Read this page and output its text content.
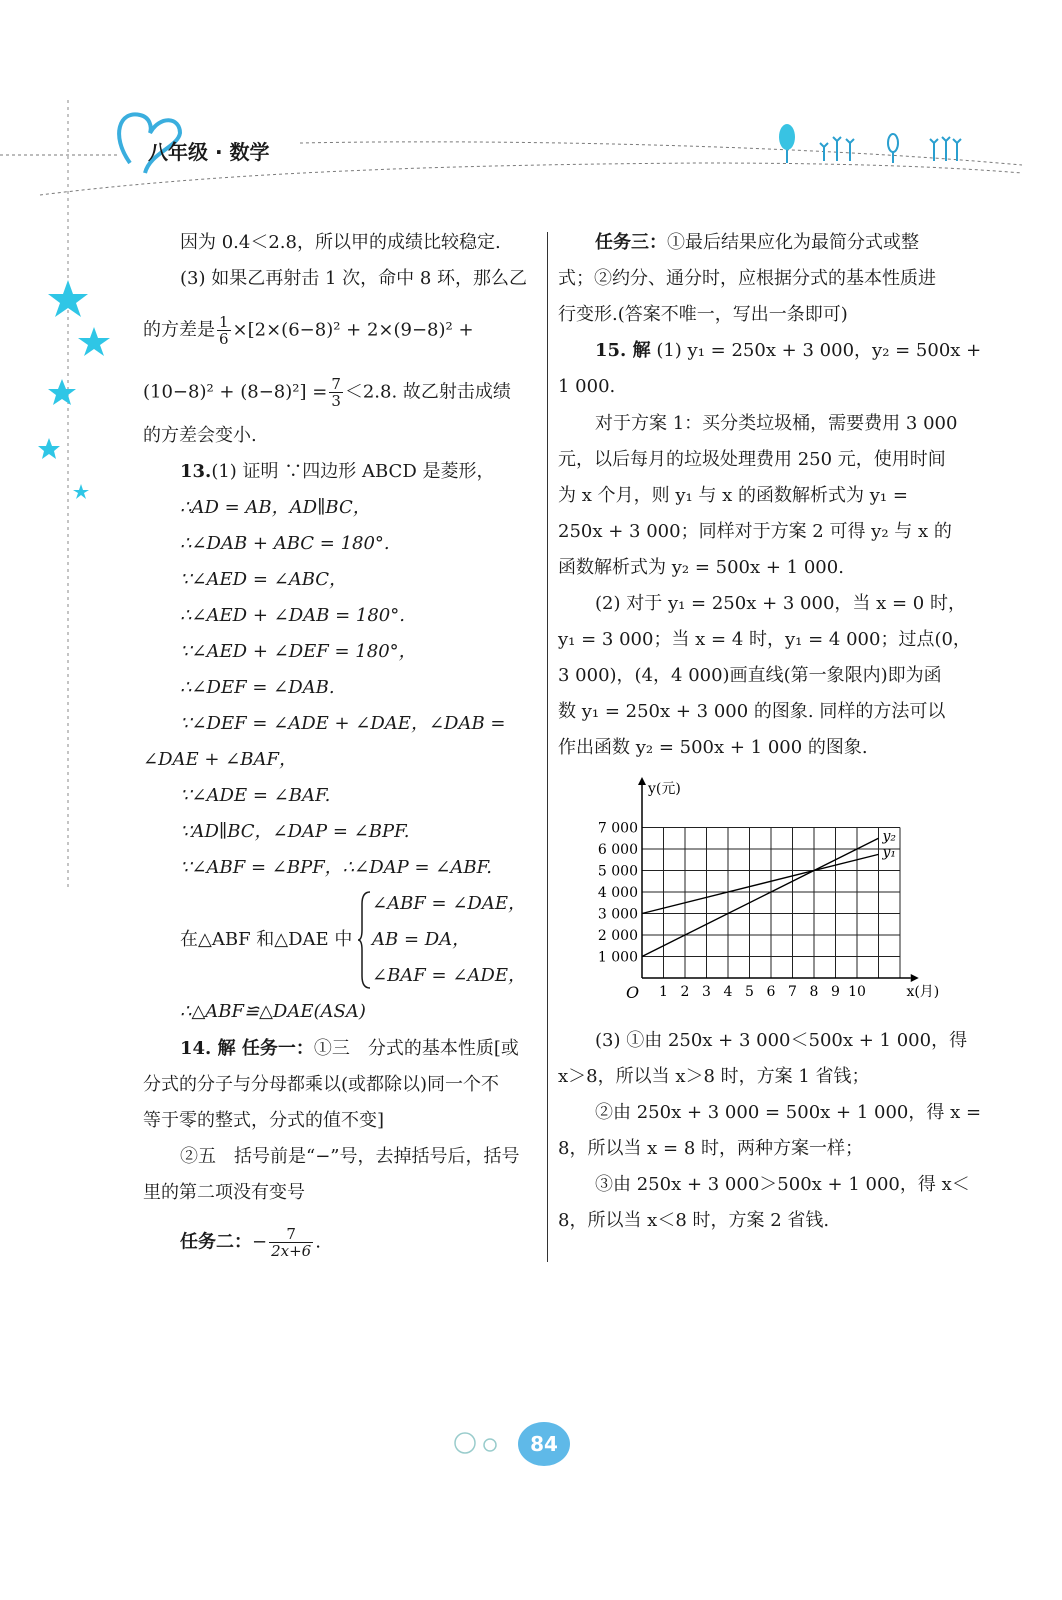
八年级 · 数学
因为 0.4＜2.8，所以甲的成绩比较稳定.
(3) 如果乙再射击 1 次，命中 8 环，那么乙
的方差是 $\frac{1}{6} \times[2\times(6-8)^2 + 2\times(9-8)^2$ +
$(10-8)^2 + (8-8)^2] = \frac{7}{3} <2.8$. 故乙射击成绩
的方差会变小.
13.(1) 证明 ∵四边形 ABCD 是菱形，
∴AD = AB，AD∥BC，
∴∠DAB + ABC = 180°.
∵∠AED = ∠ABC，
∴∠AED + ∠DAB = 180°.
∵∠AED + ∠DEF = 180°，
∴∠DEF = ∠DAB.
∵∠DEF = ∠ADE + ∠DAE，∠DAB =
∠DAE + ∠BAF，
∵∠ADE = ∠BAF.
∵AD∥BC，∠DAP = ∠BPF.
∵∠ABF = ∠BPF，∴∠DAP = ∠ABF.
在△ABF 和△DAE 中
∠ABF = ∠DAE，
AB = DA，
∠BAF = ∠ADE，
∴△ABF≌△DAE(ASA)
14. 解 任务一：①三　分式的基本性质[或
分式的分子与分母都乘以(或都除以)同一个不
等于零的整式，分式的值不变]
②五　括号前是“−”号，去掉括号后，括号
里的第二项没有变号
任务二：− $\frac{7}{2x+6}$ .
任务三：①最后结果应化为最简分式或整
式；②约分、通分时，应根据分式的基本性质进
行变形.(答案不唯一，写出一条即可)
15. 解 (1) y₁ = 250x + 3 000，y₂ = 500x +
1 000.
对于方案 1：买分类垃圾桶，需要费用 3 000
元，以后每月的垃圾处理费用 250 元，使用时间
为 x 个月，则 y₁ 与 x 的函数解析式为 y₁ =
250x + 3 000；同样对于方案 2 可得 y₂ 与 x 的
函数解析式为 y₂ = 500x + 1 000.
(2) 对于 y₁ = 250x + 3 000，当 x = 0 时，
y₁ = 3 000；当 x = 4 时，y₁ = 4 000；过点(0，
3 000)，(4，4 000)画直线(第一象限内)即为函
数 y₁ = 250x + 3 000 的图象. 同样的方法可以
作出函数 y₂ = 500x + 1 000 的图象.
1 2 3 4 5 6 7 8 9 10
1 000
2 000
3 000
4 000
5 000
6 000
7 000
O	x(月)
y(元)
y₁
y₂
(3) ①由 250x + 3 000＜500x + 1 000，得
x＞8，所以当 x＞8 时，方案 1 省钱；
②由 250x + 3 000 = 500x + 1 000，得 x =
8，所以当 x = 8 时，两种方案一样；
③由 250x + 3 000＞500x + 1 000，得 x＜
8，所以当 x＜8 时，方案 2 省钱.
84
